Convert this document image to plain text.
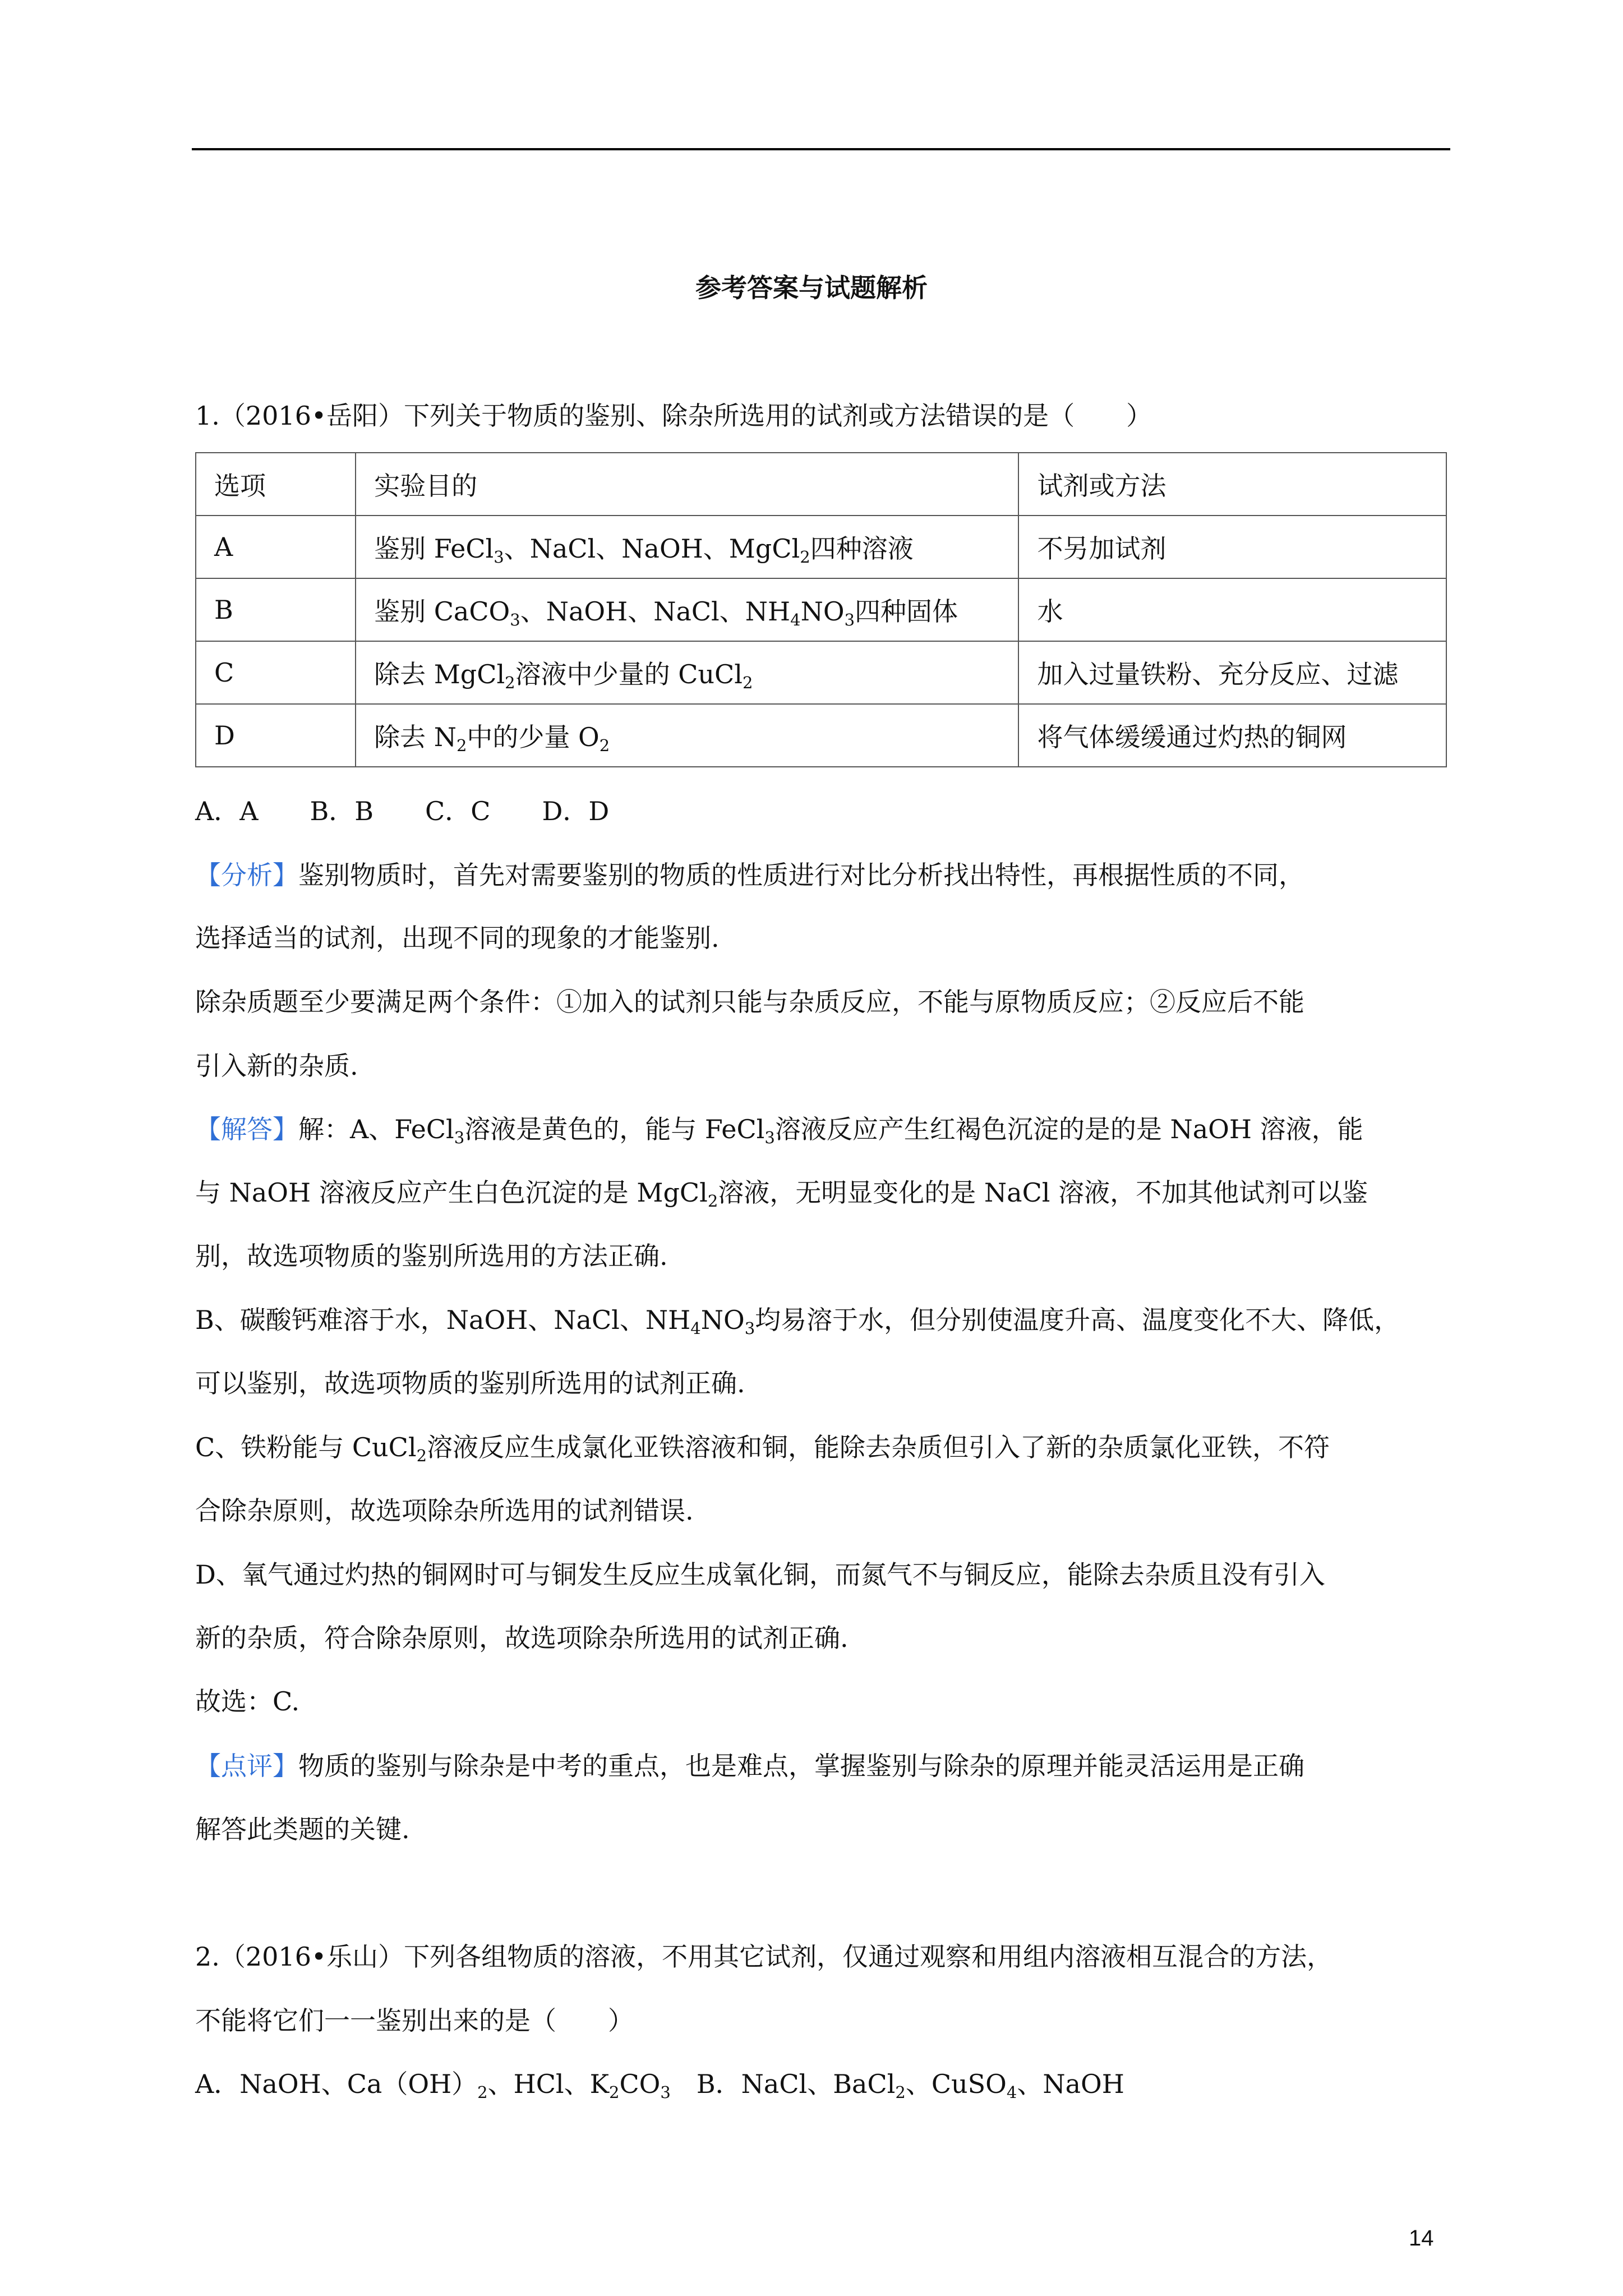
参考答案与试题解析
1.（2016•岳阳）下列关于物质的鉴别、除杂所选用的试剂或方法错误的是（　　）
选项	实验目的	试剂或方法
A	鉴别 FeCl$_3$、NaCl、NaOH、MgCl$_2$四种溶液	不另加试剂
B	鉴别 CaCO$_3$、NaOH、NaCl、$NH_4NO_3$四种固体	水
C	除去 MgCl$_2$溶液中少量的 CuCl$_2$	加入过量铁粉、充分反应、过滤
D	除去 $N_2$中的少量 $O_2$	将气体缓缓通过灼热的铜网
A．A　　B．B　　C．C　　D．D
【分析】鉴别物质时，首先对需要鉴别的物质的性质进行对比分析找出特性，再根据性质的不同，
选择适当的试剂，出现不同的现象的才能鉴别.
除杂质题至少要满足两个条件：①加入的试剂只能与杂质反应，不能与原物质反应；②反应后不能
引入新的杂质.
【解答】解：A、FeCl$_3$溶液是黄色的，能与 FeCl$_3$溶液反应产生红褐色沉淀的是的是 NaOH 溶液，能
与 NaOH 溶液反应产生白色沉淀的是 MgCl$_2$溶液，无明显变化的是 NaCl 溶液，不加其他试剂可以鉴
别，故选项物质的鉴别所选用的方法正确.
B、碳酸钙难溶于水，NaOH、NaCl、$NH_4NO_3$均易溶于水，但分别使温度升高、温度变化不大、降低，
可以鉴别，故选项物质的鉴别所选用的试剂正确.
C、铁粉能与 CuCl$_2$溶液反应生成氯化亚铁溶液和铜，能除去杂质但引入了新的杂质氯化亚铁，不符
合除杂原则，故选项除杂所选用的试剂错误.
D、氧气通过灼热的铜网时可与铜发生反应生成氧化铜，而氮气不与铜反应，能除去杂质且没有引入
新的杂质，符合除杂原则，故选项除杂所选用的试剂正确.
故选：C.
【点评】物质的鉴别与除杂是中考的重点，也是难点，掌握鉴别与除杂的原理并能灵活运用是正确
解答此类题的关键.
2.（2016•乐山）下列各组物质的溶液，不用其它试剂，仅通过观察和用组内溶液相互混合的方法，
不能将它们一一鉴别出来的是（　　）
A．NaOH、$Ca(OH)_2$、HCl、$K_2CO_3$　B．NaCl、BaCl$_2$、CuSO$_4$、NaOH
14
